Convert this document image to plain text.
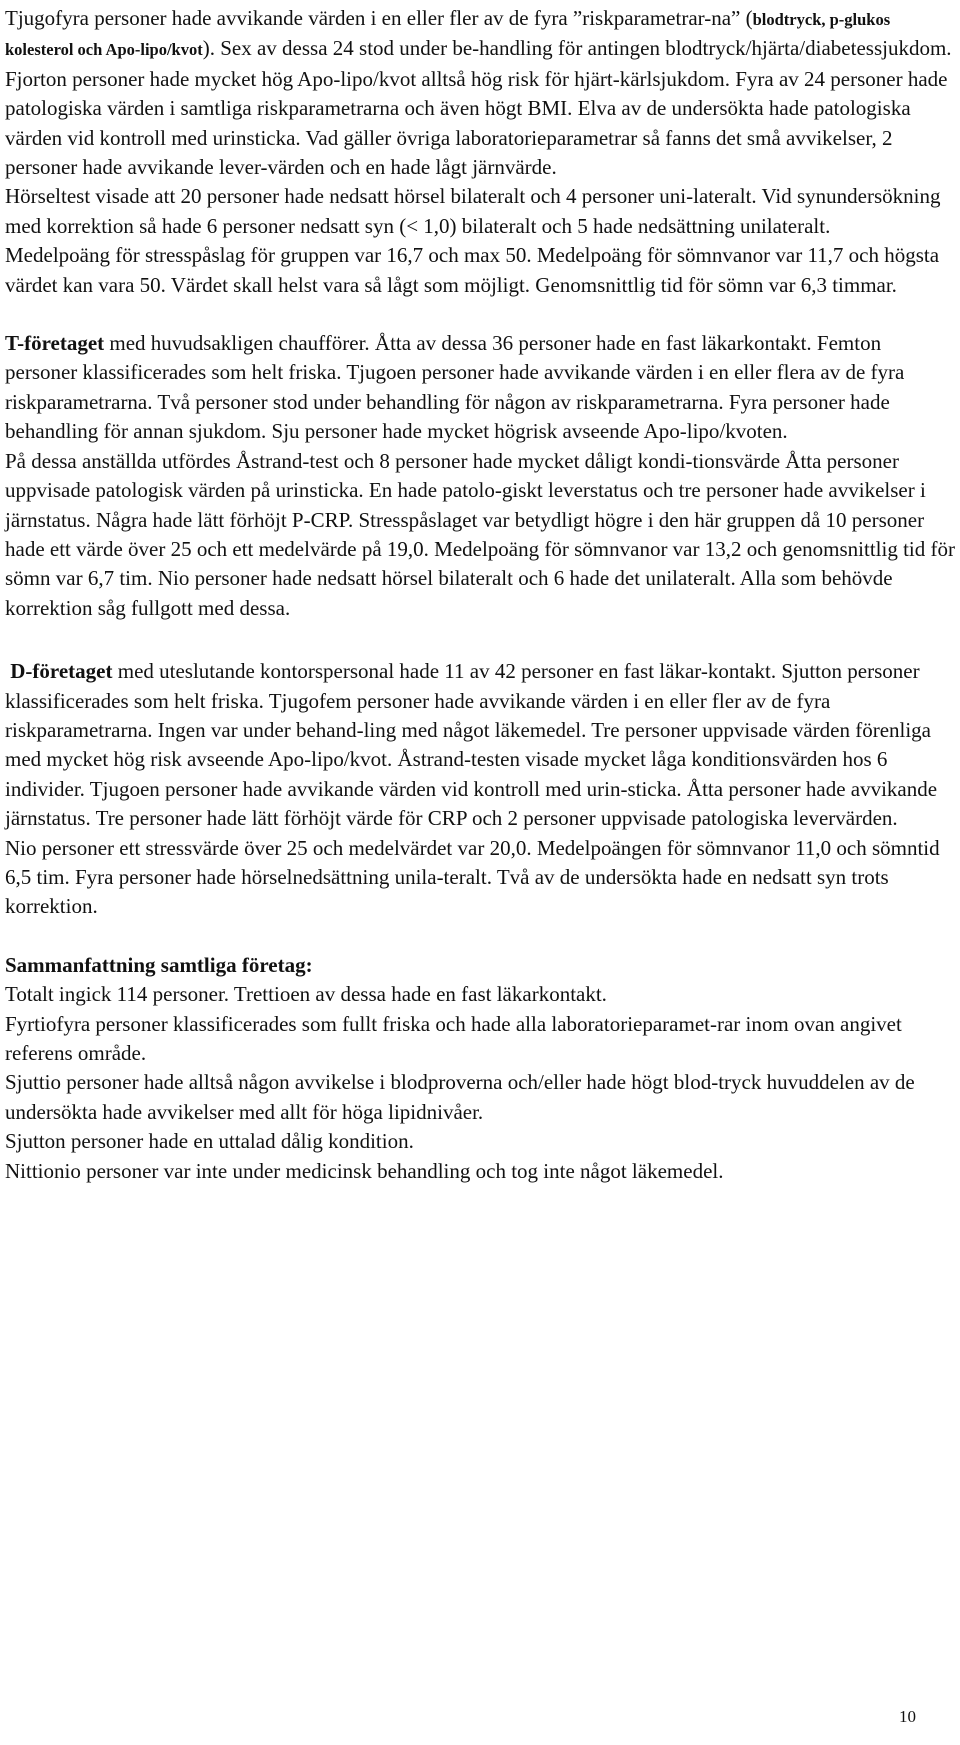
Tjugofyra personer hade avvikande värden i en eller fler av de fyra ”riskparametrar-na” (blodtryck, p-glukos kolesterol och Apo-lipo/kvot). Sex av dessa 24 stod under be-handling för antingen blodtryck/hjärta/diabetessjukdom. Fjorton personer hade mycket hög Apo-lipo/kvot alltså hög risk för hjärt-kärlsjukdom. Fyra av 24 personer hade patologiska värden i samtliga riskparametrarna och även högt BMI. Elva av de undersökta hade patologiska värden vid kontroll med urinsticka. Vad gäller övriga laboratorieparametrar så fanns det små avvikelser, 2 personer hade avvikande lever-värden och en hade lågt järnvärde.

Hörseltest visade att 20 personer hade nedsatt hörsel bilateralt och 4 personer uni-lateralt. Vid synundersökning med korrektion så hade 6 personer nedsatt syn (< 1,0) bilateralt och 5 hade nedsättning unilateralt.

Medelpoäng för stresspåslag för gruppen var 16,7 och max 50. Medelpoäng för sömnvanor var 11,7 och högsta värdet kan vara 50. Värdet skall helst vara så lågt som möjligt. Genomsnittlig tid för sömn var 6,3 timmar.

T-företaget med huvudsakligen chaufförer. Åtta av dessa 36 personer hade en fast läkarkontakt. Femton personer klassificerades som helt friska. Tjugoen personer hade avvikande värden i en eller flera av de fyra riskparametrarna. Två personer stod under behandling för någon av riskparametrarna. Fyra personer hade behandling för annan sjukdom. Sju personer hade mycket högrisk avseende Apo-lipo/kvoten.

På dessa anställda utfördes Åstrand-test och 8 personer hade mycket dåligt kondi-tionsvärde Åtta personer uppvisade patologisk värden på urinsticka. En hade patolo-giskt leverstatus och tre personer hade avvikelser i järnstatus. Några hade lätt förhöjt P-CRP. Stresspåslaget var betydligt högre i den här gruppen då 10 personer hade ett värde över 25 och ett medelvärde på 19,0. Medelpoäng för sömnvanor var 13,2 och genomsnittlig tid för sömn var 6,7 tim. Nio personer hade nedsatt hörsel bilateralt och 6 hade det unilateralt. Alla som behövde korrektion såg fullgott med dessa.

D-företaget med uteslutande kontorspersonal hade 11 av 42 personer en fast läkar-kontakt. Sjutton personer klassificerades som helt friska. Tjugofem personer hade avvikande värden i en eller fler av de fyra riskparametrarna. Ingen var under behand-ling med något läkemedel. Tre personer uppvisade värden förenliga med mycket hög risk avseende Apo-lipo/kvot. Åstrand-testen visade mycket låga konditionsvärden hos 6 individer. Tjugoen personer hade avvikande värden vid kontroll med urin-sticka. Åtta personer hade avvikande järnstatus. Tre personer hade lätt förhöjt värde för CRP och 2 personer uppvisade patologiska levervärden.

Nio personer ett stressvärde över 25 och medelvärdet var 20,0. Medelpoängen för sömnvanor 11,0 och sömntid 6,5 tim. Fyra personer hade hörselnedsättning unila-teralt. Två av de undersökta hade en nedsatt syn trots korrektion.

Sammanfattning samtliga företag:

Totalt ingick 114 personer. Trettioen av dessa hade en fast läkarkontakt.

Fyrtiofyra personer klassificerades som fullt friska och hade alla laboratorieparamet-rar inom ovan angivet referens område.

Sjuttio personer hade alltså någon avvikelse i blodproverna och/eller hade högt blod-tryck huvuddelen av de undersökta hade avvikelser med allt för höga lipidnivåer.

Sjutton personer hade en uttalad dålig kondition.

Nittionio personer var inte under medicinsk behandling och tog inte något läkemedel.

10
